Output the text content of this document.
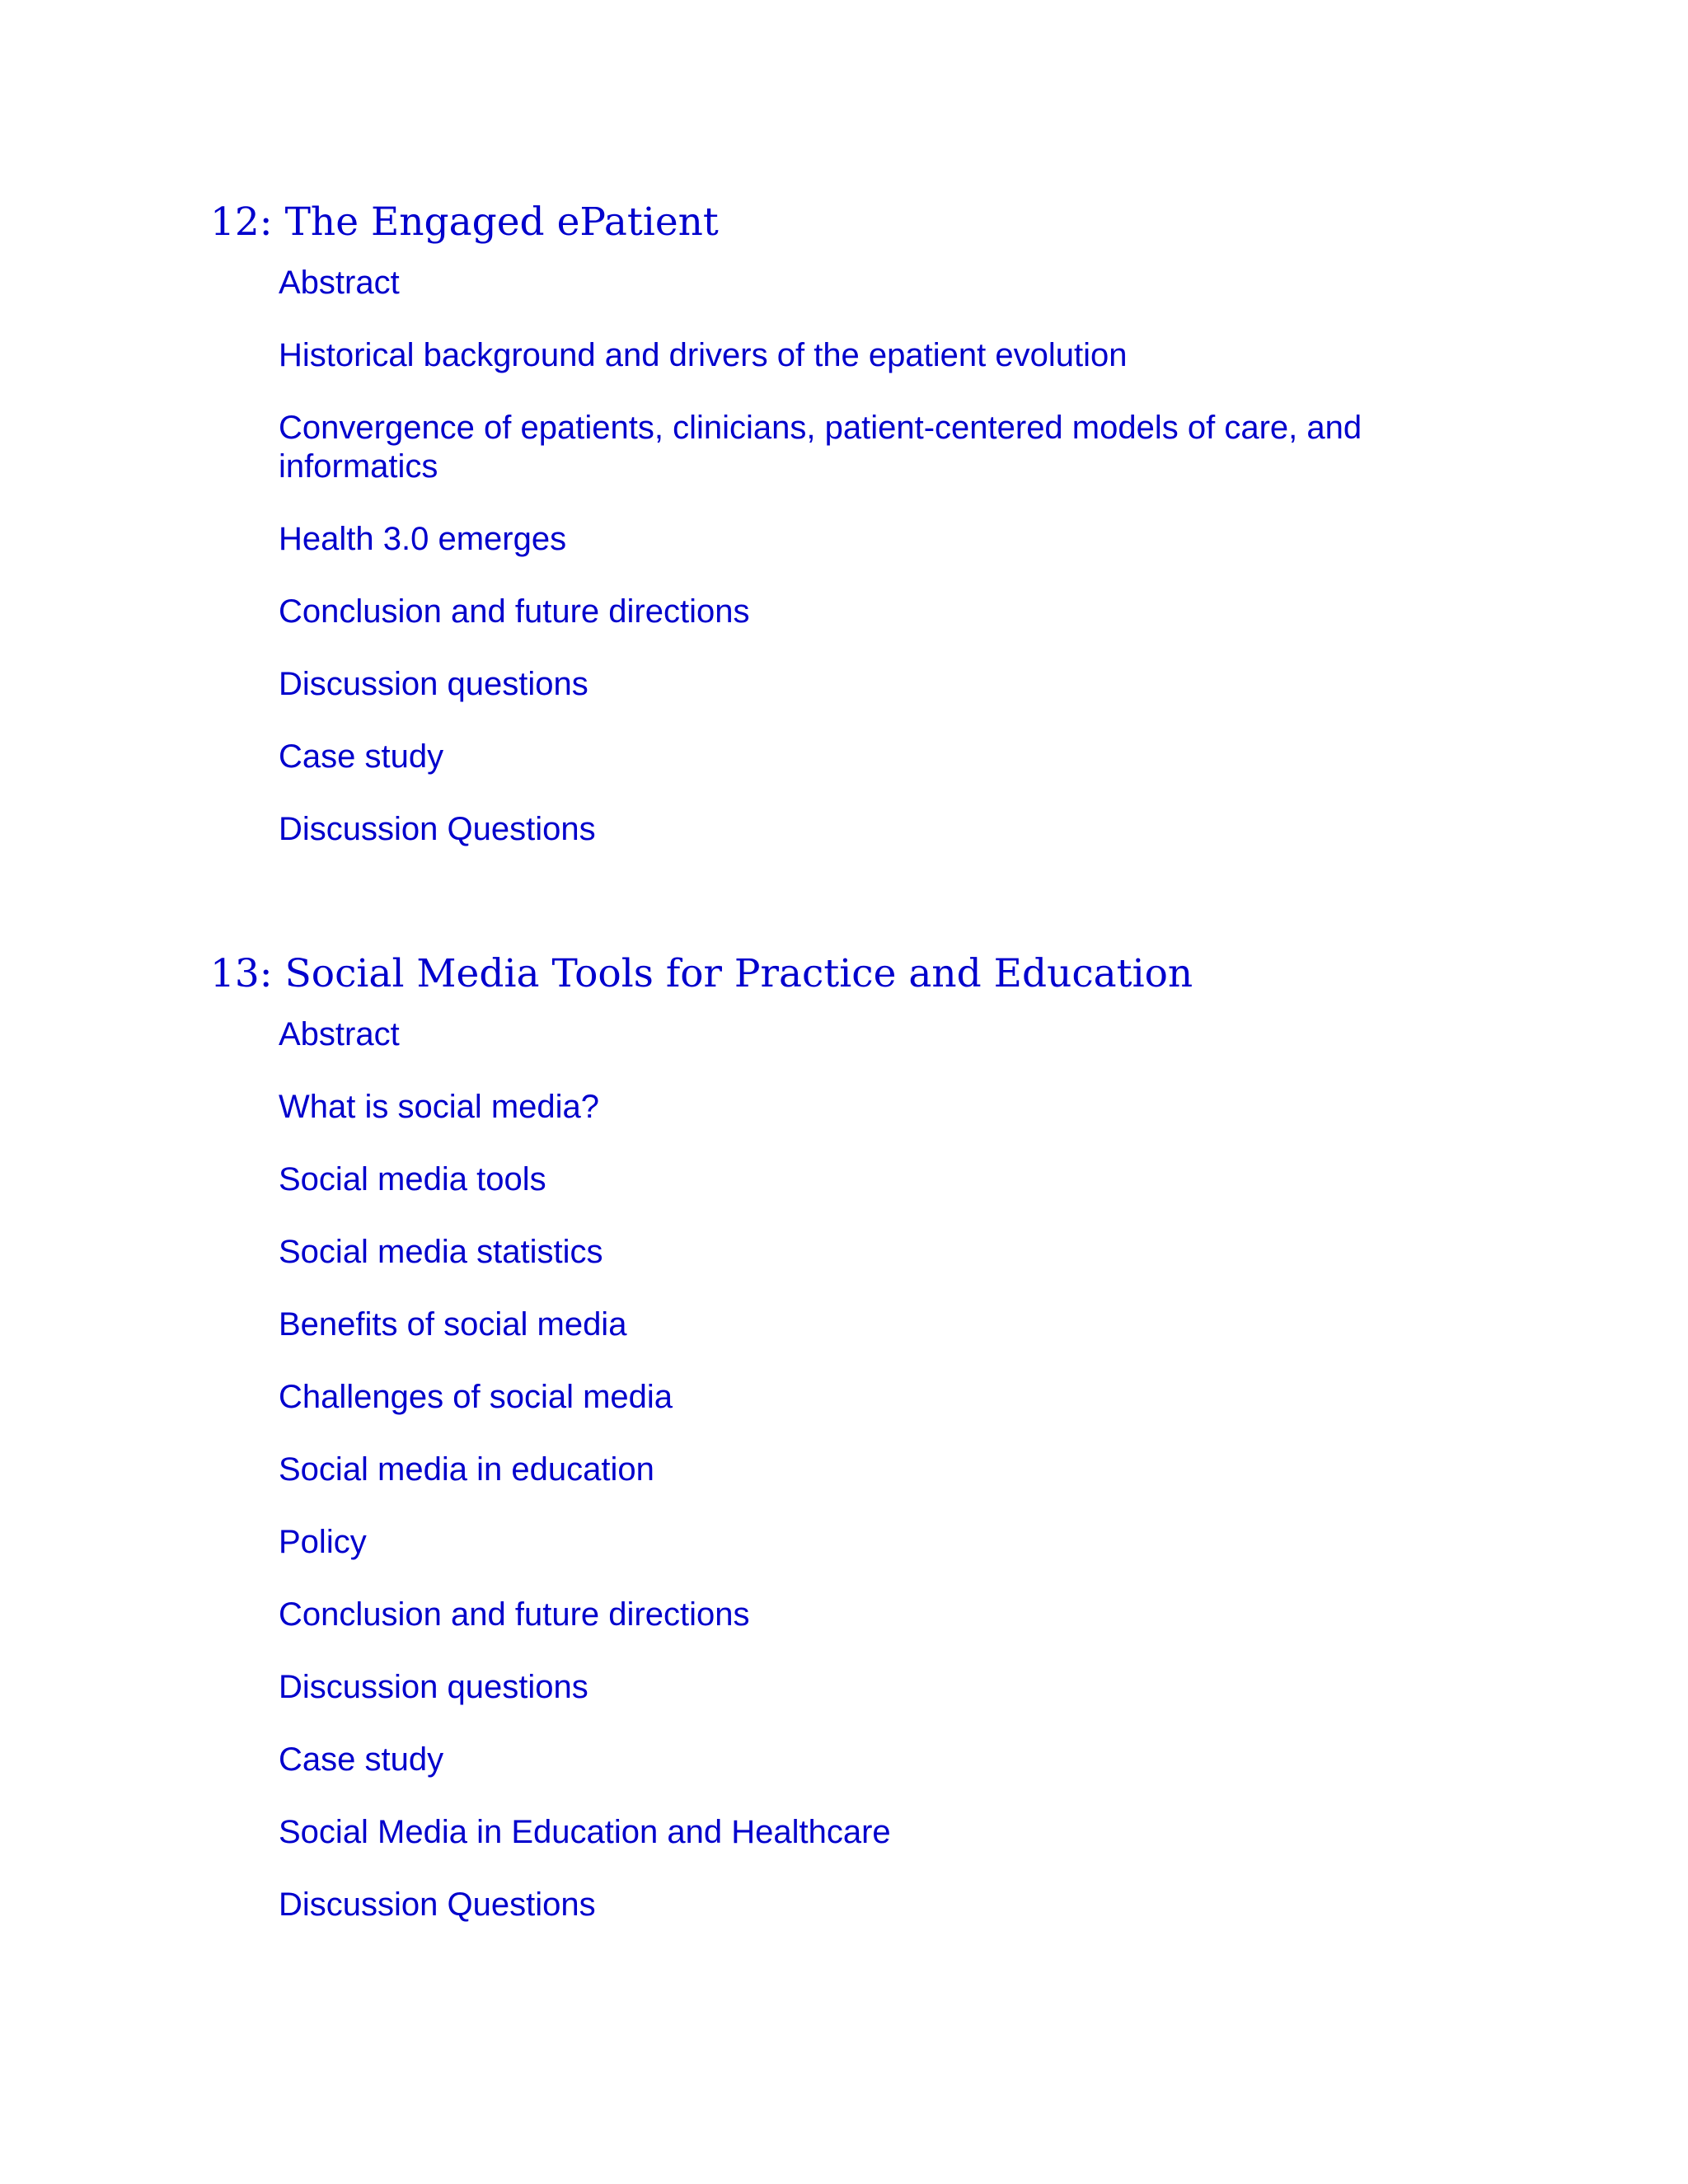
12: The Engaged ePatient
Abstract
Historical background and drivers of the epatient evolution
Convergence of epatients, clinicians, patient-centered models of care, and informatics
Health 3.0 emerges
Conclusion and future directions
Discussion questions
Case study
Discussion Questions
13: Social Media Tools for Practice and Education
Abstract
What is social media?
Social media tools
Social media statistics
Benefits of social media
Challenges of social media
Social media in education
Policy
Conclusion and future directions
Discussion questions
Case study
Social Media in Education and Healthcare
Discussion Questions
